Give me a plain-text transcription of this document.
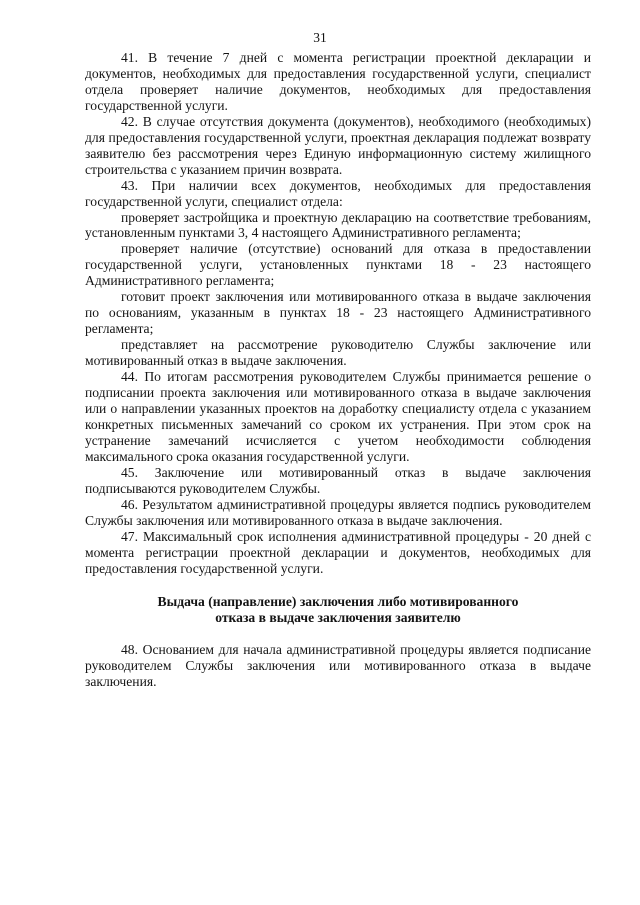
31

41. В течение 7 дней с момента регистрации проектной декларации и документов, необходимых для предоставления государственной услуги, специалист отдела проверяет наличие документов, необходимых для предоставления государственной услуги.

42. В случае отсутствия документа (документов), необходимого (необходимых) для предоставления государственной услуги, проектная декларация подлежат возврату заявителю без рассмотрения через Единую информационную систему жилищного строительства с указанием причин возврата.

43. При наличии всех документов, необходимых для предоставления государственной услуги, специалист отдела:

проверяет застройщика и проектную декларацию на соответствие требованиям, установленным пунктами 3, 4 настоящего Административного регламента;

проверяет наличие (отсутствие) оснований для отказа в предоставлении государственной услуги, установленных пунктами 18 - 23 настоящего Административного регламента;

готовит проект заключения или мотивированного отказа в выдаче заключения по основаниям, указанным в пунктах 18 - 23 настоящего Административного регламента;

представляет на рассмотрение руководителю Службы заключение или мотивированный отказ в выдаче заключения.

44. По итогам рассмотрения руководителем Службы принимается решение о подписании проекта заключения или мотивированного отказа в выдаче заключения или о направлении указанных проектов на доработку специалисту отдела с указанием конкретных письменных замечаний со сроком их устранения. При этом срок на устранение замечаний исчисляется с учетом необходимости соблюдения максимального срока оказания государственной услуги.

45. Заключение или мотивированный отказ в выдаче заключения подписываются руководителем Службы.

46. Результатом административной процедуры является подпись руководителем Службы заключения или мотивированного отказа в выдаче заключения.

47. Максимальный срок исполнения административной процедуры - 20 дней с момента регистрации проектной декларации и документов, необходимых для предоставления государственной услуги.

Выдача (направление) заключения либо мотивированного

отказа в выдаче заключения заявителю

48. Основанием для начала административной процедуры является подписание руководителем Службы заключения или мотивированного отказа в выдаче заключения.
